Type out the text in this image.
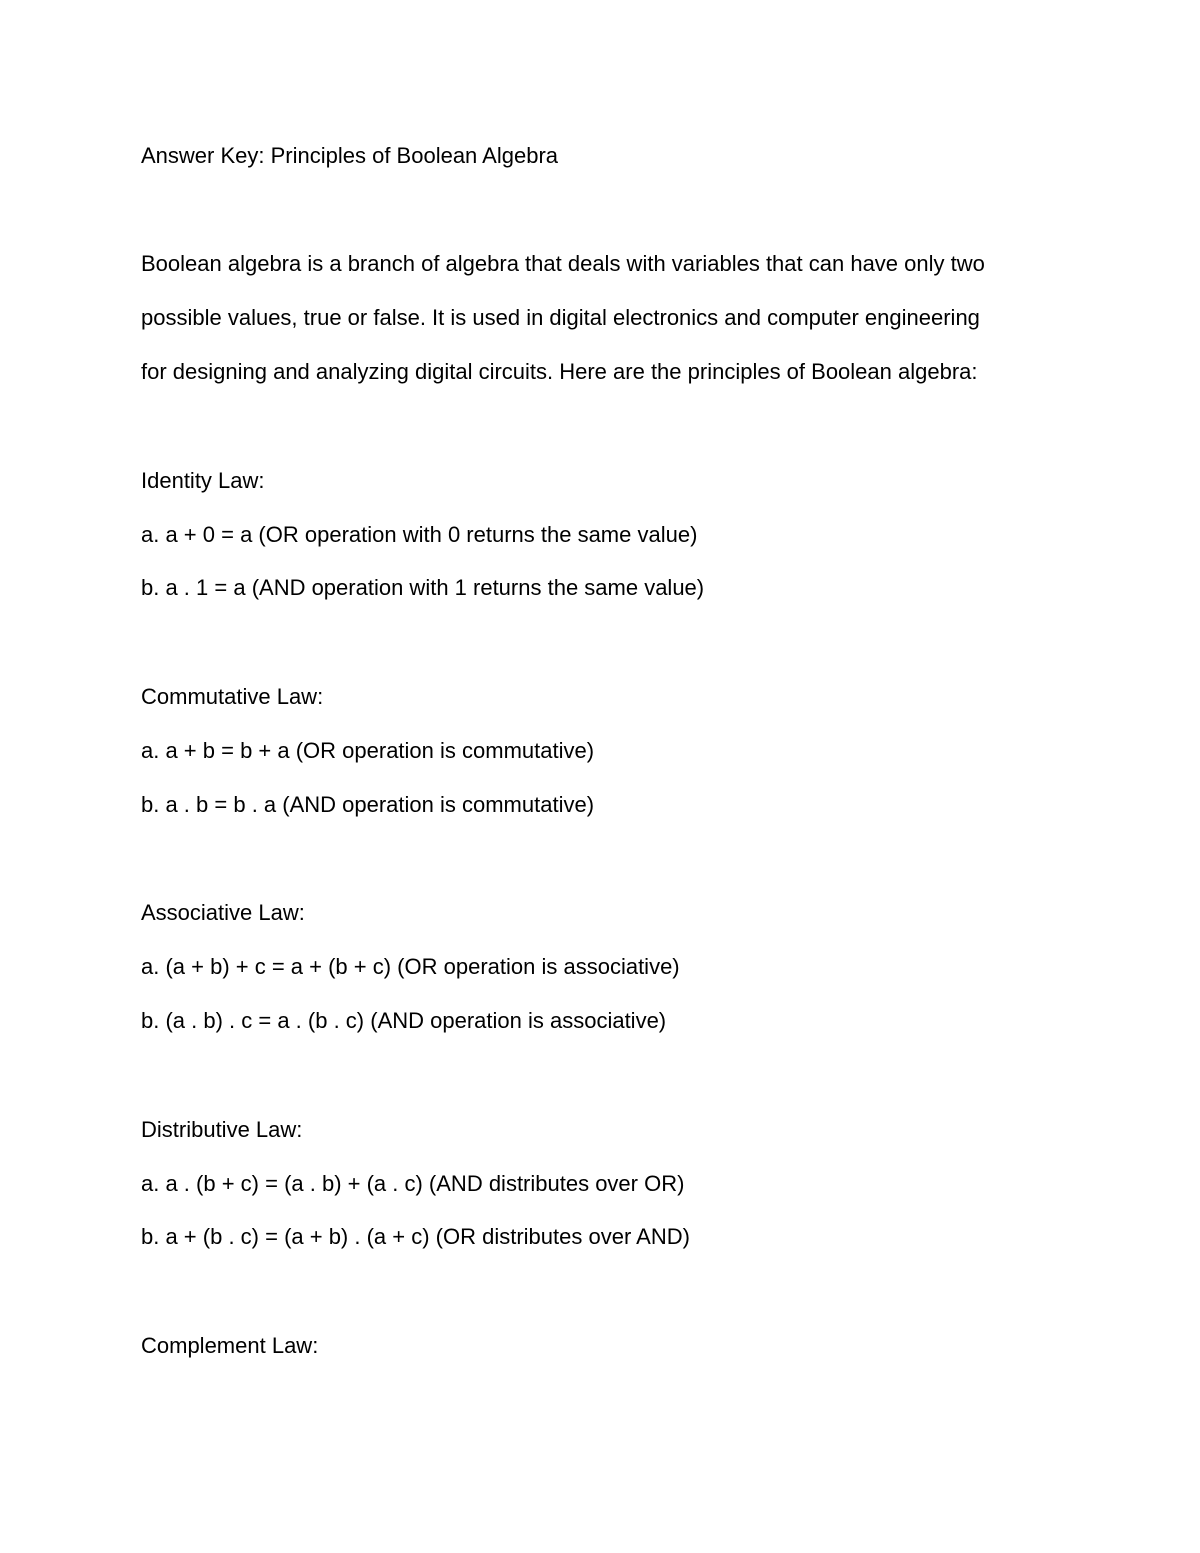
Answer Key: Principles of Boolean Algebra
Boolean algebra is a branch of algebra that deals with variables that can have only two
possible values, true or false. It is used in digital electronics and computer engineering
for designing and analyzing digital circuits. Here are the principles of Boolean algebra:
Identity Law:
a. a + 0 = a (OR operation with 0 returns the same value)
b. a . 1 = a (AND operation with 1 returns the same value)
Commutative Law:
a. a + b = b + a (OR operation is commutative)
b. a . b = b . a (AND operation is commutative)
Associative Law:
a. (a + b) + c = a + (b + c) (OR operation is associative)
b. (a . b) . c = a . (b . c) (AND operation is associative)
Distributive Law:
a. a . (b + c) = (a . b) + (a . c) (AND distributes over OR)
b. a + (b . c) = (a + b) . (a + c) (OR distributes over AND)
Complement Law:
